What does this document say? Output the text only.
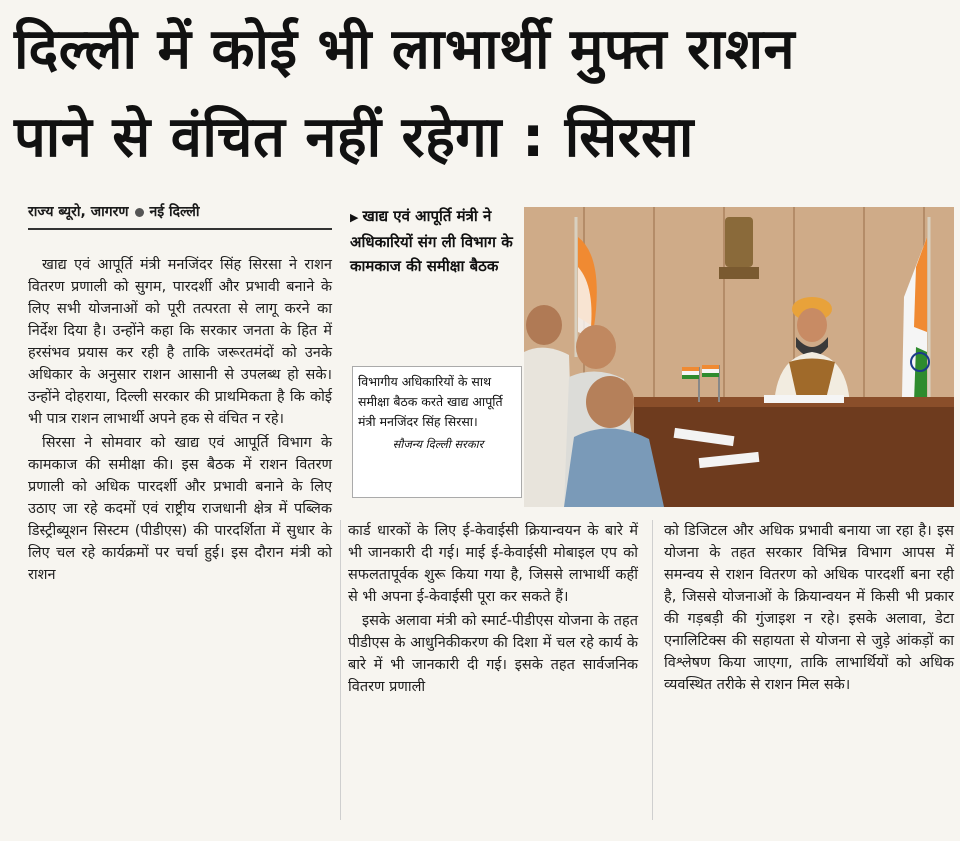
दिल्ली में कोई भी लाभार्थी मुफ्त राशन
पाने से वंचित नहीं रहेगा : सिरसा
राज्य ब्यूरो, जागरण नई दिल्ली

खाद्य एवं आपूर्ति मंत्री मनजिंदर सिंह सिरसा ने राशन वितरण प्रणाली को सुगम, पारदर्शी और प्रभावी बनाने के लिए सभी योजनाओं को पूरी तत्परता से लागू करने का निर्देश दिया है। उन्होंने कहा कि सरकार जनता के हित में हरसंभव प्रयास कर रही है ताकि जरूरतमंदों को उनके अधिकार के अनुसार राशन आसानी से उपलब्ध हो सके। उन्होंने दोहराया, दिल्ली सरकार की प्राथमिकता है कि कोई भी पात्र राशन लाभार्थी अपने हक से वंचित न रहे।

सिरसा ने सोमवार को खाद्य एवं आपूर्ति विभाग के कामकाज की समीक्षा की। इस बैठक में राशन वितरण प्रणाली को अधिक पारदर्शी और प्रभावी बनाने के लिए उठाए जा रहे कदमों एवं राष्ट्रीय राजधानी क्षेत्र में पब्लिक डिस्ट्रीब्यूशन सिस्टम (पीडीएस) की पारदर्शिता में सुधार के लिए चल रहे कार्यक्रमों पर चर्चा हुई। इस दौरान मंत्री को राशन

▶ खाद्य एवं आपूर्ति मंत्री ने अधिकारियों संग ली विभाग के कामकाज की समीक्षा बैठक
विभागीय अधिकारियों के साथ समीक्षा बैठक करते खाद्य आपूर्ति मंत्री मनजिंदर सिंह सिरसा।
सौजन्य दिल्ली सरकार

कार्ड धारकों के लिए ई-केवाईसी क्रियान्वयन के बारे में भी जानकारी दी गई। माई ई-केवाईसी मोबाइल एप को सफलतापूर्वक शुरू किया गया है, जिससे लाभार्थी कहीं से भी अपना ई-केवाईसी पूरा कर सकते हैं।

इसके अलावा मंत्री को स्मार्ट-पीडीएस योजना के तहत पीडीएस के आधुनिकीकरण की दिशा में चल रहे कार्य के बारे में भी जानकारी दी गई। इसके तहत सार्वजनिक वितरण प्रणाली

को डिजिटल और अधिक प्रभावी बनाया जा रहा है। इस योजना के तहत सरकार विभिन्न विभाग आपस में समन्वय से राशन वितरण को अधिक पारदर्शी बना रही है, जिससे योजनाओं के क्रियान्वयन में किसी भी प्रकार की गड़बड़ी की गुंजाइश न रहे। इसके अलावा, डेटा एनालिटिक्स की सहायता से योजना से जुड़े आंकड़ों का विश्लेषण किया जाएगा, ताकि लाभार्थियों को अधिक व्यवस्थित तरीके से राशन मिल सके।
